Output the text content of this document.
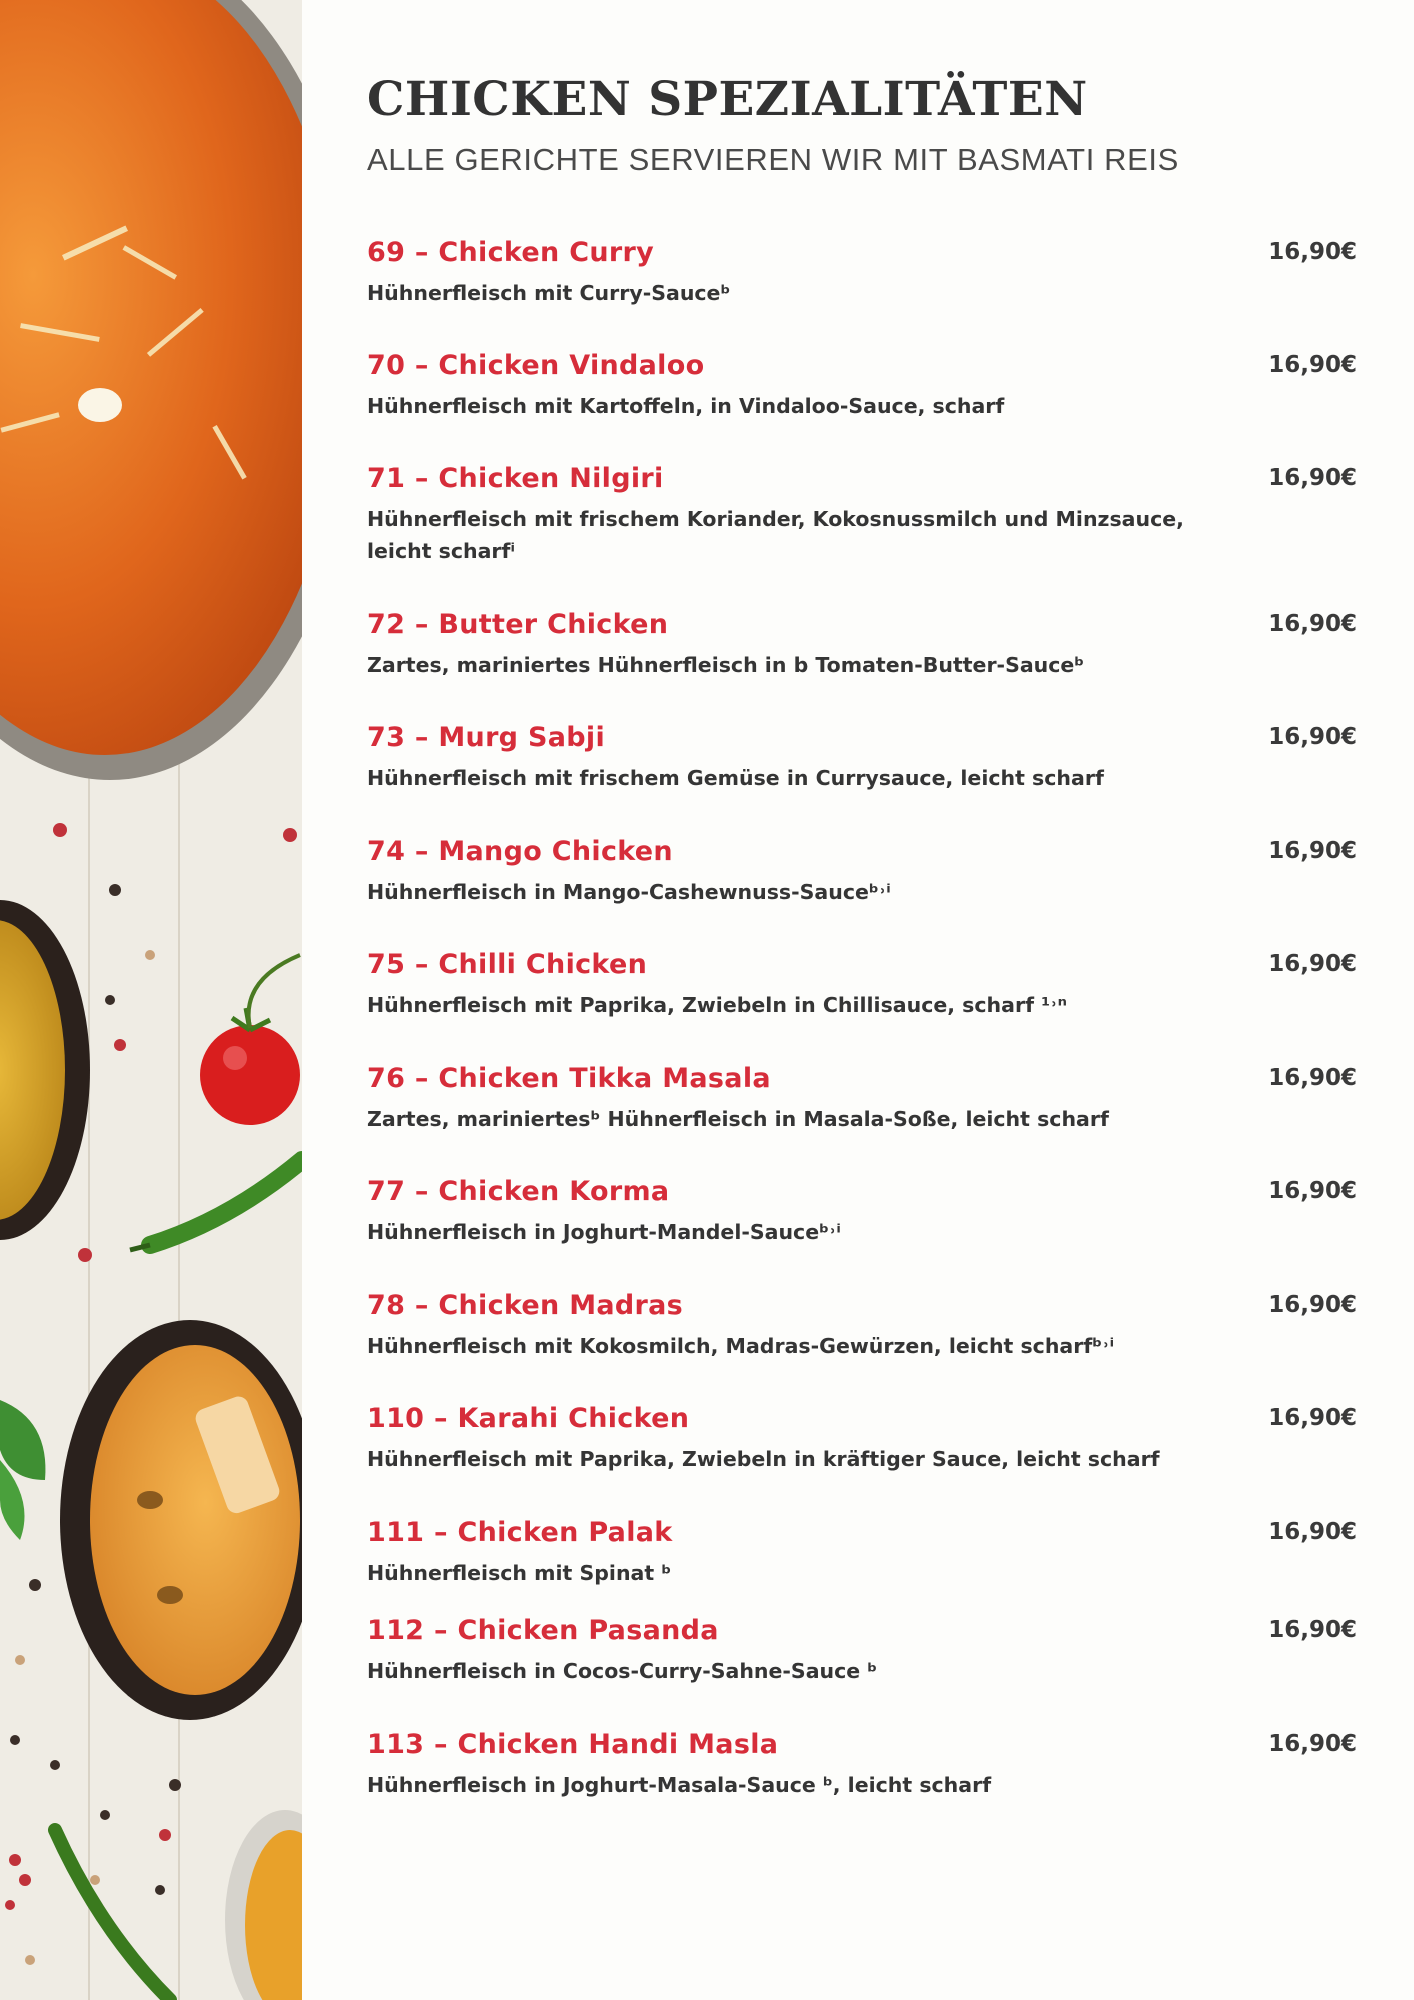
CHICKEN SPEZIALITÄTEN

ALLE GERICHTE SERVIEREN WIR MIT BASMATI REIS

69 – Chicken Curry	16,90€
Hühnerfleisch mit Curry-Sauceᵇ
70 – Chicken Vindaloo	16,90€
Hühnerfleisch mit Kartoffeln, in Vindaloo-Sauce, scharf
71 – Chicken Nilgiri	16,90€
Hühnerfleisch mit frischem Koriander, Kokosnussmilch und Minzsauce, leicht scharfⁱ
72 – Butter Chicken	16,90€
Zartes, mariniertes Hühnerfleisch in b Tomaten-Butter-Sauceᵇ
73 – Murg Sabji	16,90€
Hühnerfleisch mit frischem Gemüse in Currysauce, leicht scharf
74 – Mango Chicken	16,90€
Hühnerfleisch in Mango-Cashewnuss-Sauceᵇ˒ⁱ
75 – Chilli Chicken	16,90€
Hühnerfleisch mit Paprika, Zwiebeln in Chillisauce, scharf ¹˒ⁿ
76 – Chicken Tikka Masala	16,90€
Zartes, mariniertesᵇ Hühnerfleisch in Masala-Soße, leicht scharf
77 – Chicken Korma	16,90€
Hühnerfleisch in Joghurt-Mandel-Sauceᵇ˒ⁱ
78 – Chicken Madras	16,90€
Hühnerfleisch mit Kokosmilch, Madras-Gewürzen, leicht scharfᵇ˒ⁱ
110 – Karahi Chicken	16,90€
Hühnerfleisch mit Paprika, Zwiebeln in kräftiger Sauce, leicht scharf
111 – Chicken Palak	16,90€
Hühnerfleisch mit Spinat ᵇ
112 – Chicken Pasanda	16,90€
Hühnerfleisch in Cocos-Curry-Sahne-Sauce ᵇ
113 – Chicken Handi Masla	16,90€
Hühnerfleisch in Joghurt-Masala-Sauce ᵇ, leicht scharf
